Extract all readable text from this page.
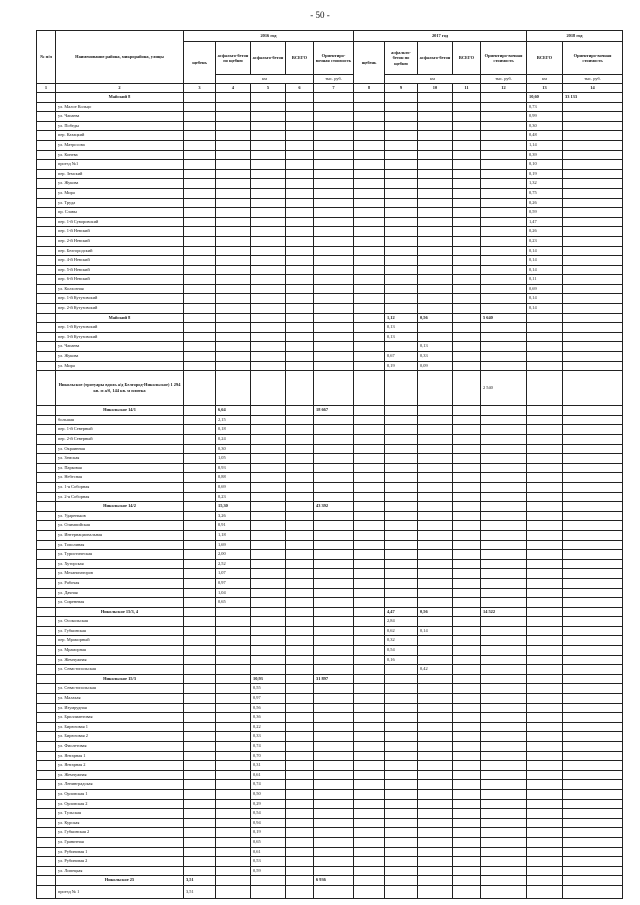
- 50 -
№ п/п	Наименование района, микрорайона, улицы	2016 год					2017 год					2018 год	
		щебень	асфальто-бетон по щебню	асфальто-бетон	ВСЕГО	Ориентиро-вочная стоимость	щебень	асфальто-бетон по щебню	асфальто-бетон	ВСЕГО	Ориентиро-вочная стоимость	ВСЕГО	Ориентиро-вочная стоимость
			км			тыс. руб.		км			тыс. руб.	км	тыс. руб.
1	2	3	4	5	6	7	8	9	10	11	12	13	14
	Майский 8											10,60	33 133
	ул. Малое Кольцо											0,73	
	ул. Чапаева											0,99	
	ул. Победы											0,30	
	пер. Казацкий											0,48	
	ул. Матросова											1,14	
	ул. Конева											0,39	
	проезд №1											0,10	
	пер. Земский											0,19	
	ул. Жукова											1,32	
	ул. Мира											0,75	
	ул. Труда											0,26	
	пр. Славы											0,59	
	пер. 1-й Суворовский											1,47	
	пер. 1-й Невский											0,26	
	пер. 2-й Невский											0,23	
	пер. Белгородский											0,14	
	пер. 4-й Невский											0,14	
	пер. 5-й Невский											0,14	
	пер. 6-й Невский											0,11	
	ул. Колхозная											0,69	
	пер. 1-й Кутузовский											0,14	
	пер. 2-й Кутузовский											0,14	
	Майский 8							1,12	0,56		5 640		
	пер. 1-й Кутузовский							0,13					
	пер. 3-й Кутузовский							0,13					
	ул. Чапаева								0,13				
	ул. Жукова							0,67	0,33				
	ул. Мира							0,19	0,09				
	Никольское (тротуары вдоль а/д Белгород-Никольское) 1 294 кв. м а/б, 144 кв. м плитка										2 540		
	Никольское 14/1		6,64			18 667							
	большая		2,15										
	пер. 1-й Северный		0,18										
	пер. 2-й Северный		0,24										
	ул. Окраинная		0,30										
	ул. Земская		1,05										
	ул. Парковая		0,93										
	ул. Небесная		0,88										
	ул. 1-я Соборная		0,69										
	ул. 2-я Соборная		0,23										
	Никольское 14/2		15,30			43 392							
	ул. Удареньков		3,26										
	ул. Олимпийская		0,91										
	ул. Интернациональная		1,18										
	ул. Тополиная		1,69										
	ул. Туристическая		2,00										
	ул. Хуторская		2,52										
	ул. Механизаторов		1,07										
	ул. Рабочая		0,97										
	ул. Дачная		1,04										
	ул. Сиреневая		0,65										
	Никольское 15/3, 4							4,47	0,56		14 522		
	ул. Осокольская							2,84					
	ул. Губкинская							0,62	0,14				
	пер. Мраморный							0,32					
	ул. Мраморная							0,54					
	ул. Жемчужная							0,16					
	ул. Севастопольская								0,42				
	Никольское 15/3			10,93		31 897							
	ул. Севастопольская			0,55									
	ул. Малахая			0,97									
	ул. Изумрудная			0,56									
	ул. Бриллиантовая			0,36									
	ул. Бирюзовая 1			0,22									
	ул. Бирюзовая 2			0,33									
	ул. Фиолетовая			0,74									
	ул. Янтарная 1			0,70									
	ул. Янтарная 2			0,31									
	ул. Жемчужная			0,61									
	ул. Ленинградская			0,74									
	ул. Орловская 1			0,50									
	ул. Орловская 2			0,29									
	ул. Тульская			0,54									
	ул. Курская			0,94									
	ул. Губкинская 2			0,19									
	ул. Гранитная			0,65									
	ул. Рубиновая 1			0,61									
	ул. Рубиновая 2			0,53									
	ул. Липецкая			0,59									
	Никольское 25	3,51				6 936							
	проезд № 1	3,51											
